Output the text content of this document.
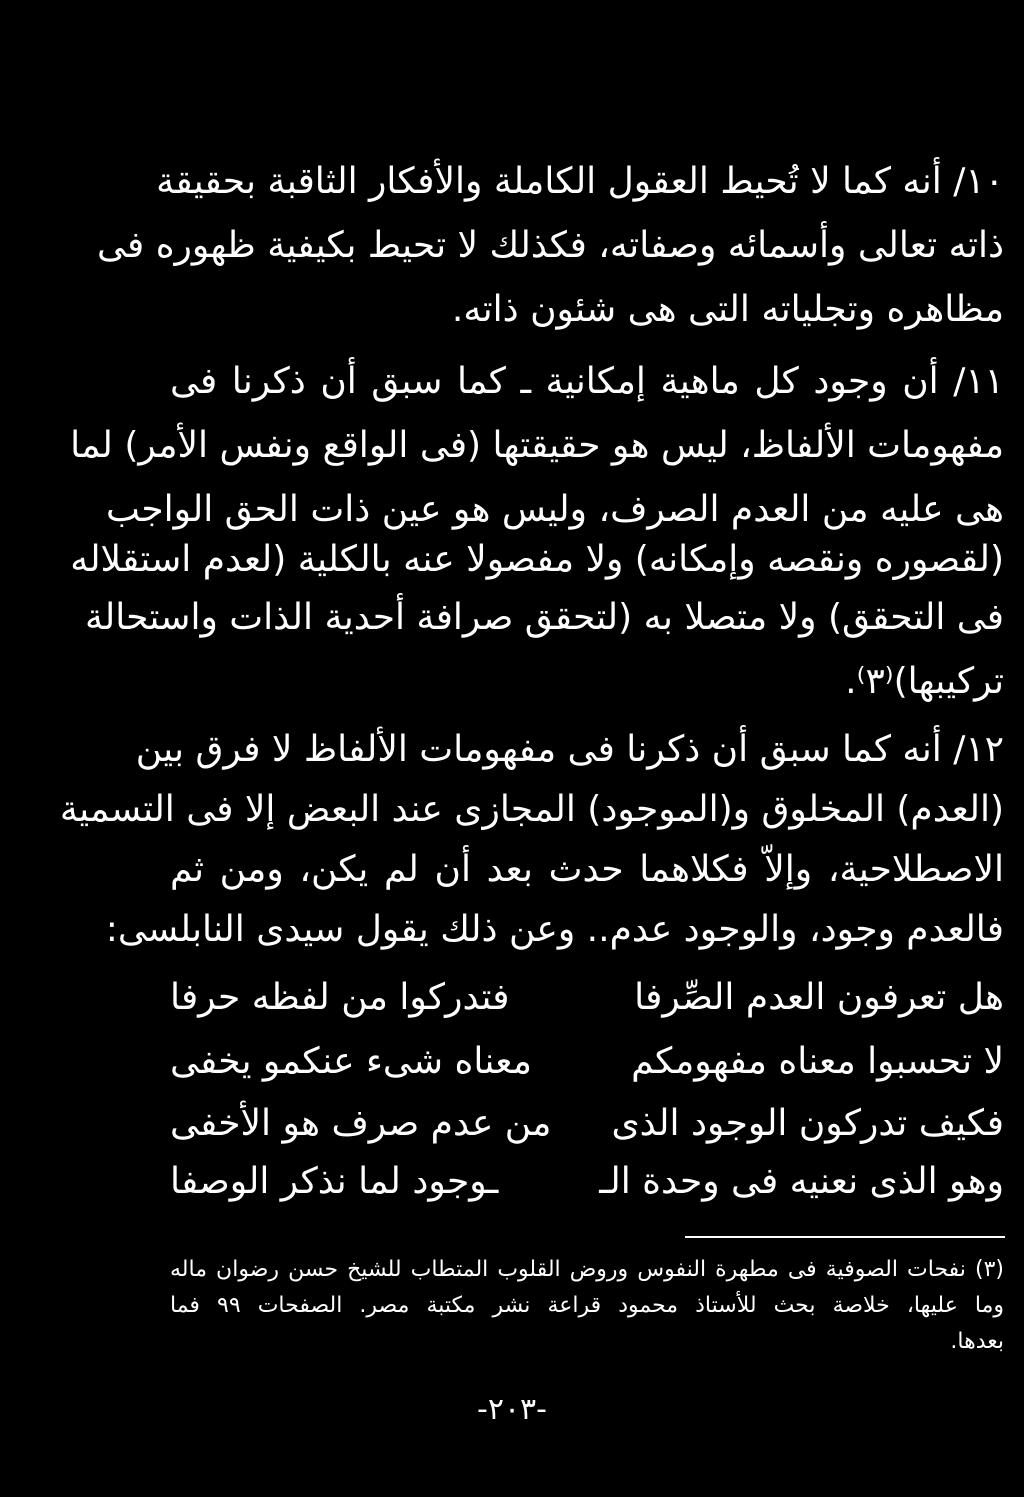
١٠/ أنه كما لا تُحيط العقول الكاملة والأفكار الثاقبة بحقيقة
ذاته تعالى وأسمائه وصفاته، فكذلك لا تحيط بكيفية ظهوره فى
مظاهره وتجلياته التى هى شئون ذاته.
١١/ أن وجود كل ماهية إمكانية ـ كما سبق أن ذكرنا فى
مفهومات الألفاظ، ليس هو حقيقتها (فى الواقع ونفس الأمر) لما
هى عليه من العدم الصرف، وليس هو عين ذات الحق الواجب
(لقصوره ونقصه وإمكانه) ولا مفصولا عنه بالكلية (لعدم استقلاله
فى التحقق) ولا متصلا به (لتحقق صرافة أحدية الذات واستحالة
تركيبها)⁽٣⁾.
١٢/ أنه كما سبق أن ذكرنا فى مفهومات الألفاظ لا فرق بين
(العدم) المخلوق و(الموجود) المجازى عند البعض إلا فى التسمية
الاصطلاحية، وإلاّ فكلاهما حدث بعد أن لم يكن، ومن ثم
فالعدم وجود، والوجود عدم.. وعن ذلك يقول سيدى النابلسى:
هل تعرفون العدم الصِّرفا
فتدركوا من لفظه حرفا
لا تحسبوا معناه مفهومكم
معناه شىء عنكمو يخفى
فكيف تدركون الوجود الذى
من عدم صرف هو الأخفى
وهو الذى نعنيه فى وحدة الـ
ـوجود لما نذكر الوصفا
(٣) نفحات الصوفية فى مطهرة النفوس وروض القلوب المتطاب للشيخ حسن رضوان ماله
وما عليها، خلاصة بحث للأستاذ محمود قراعة نشر مكتبة مصر. الصفحات ٩٩ فما
بعدها.
-٢٠٣-
